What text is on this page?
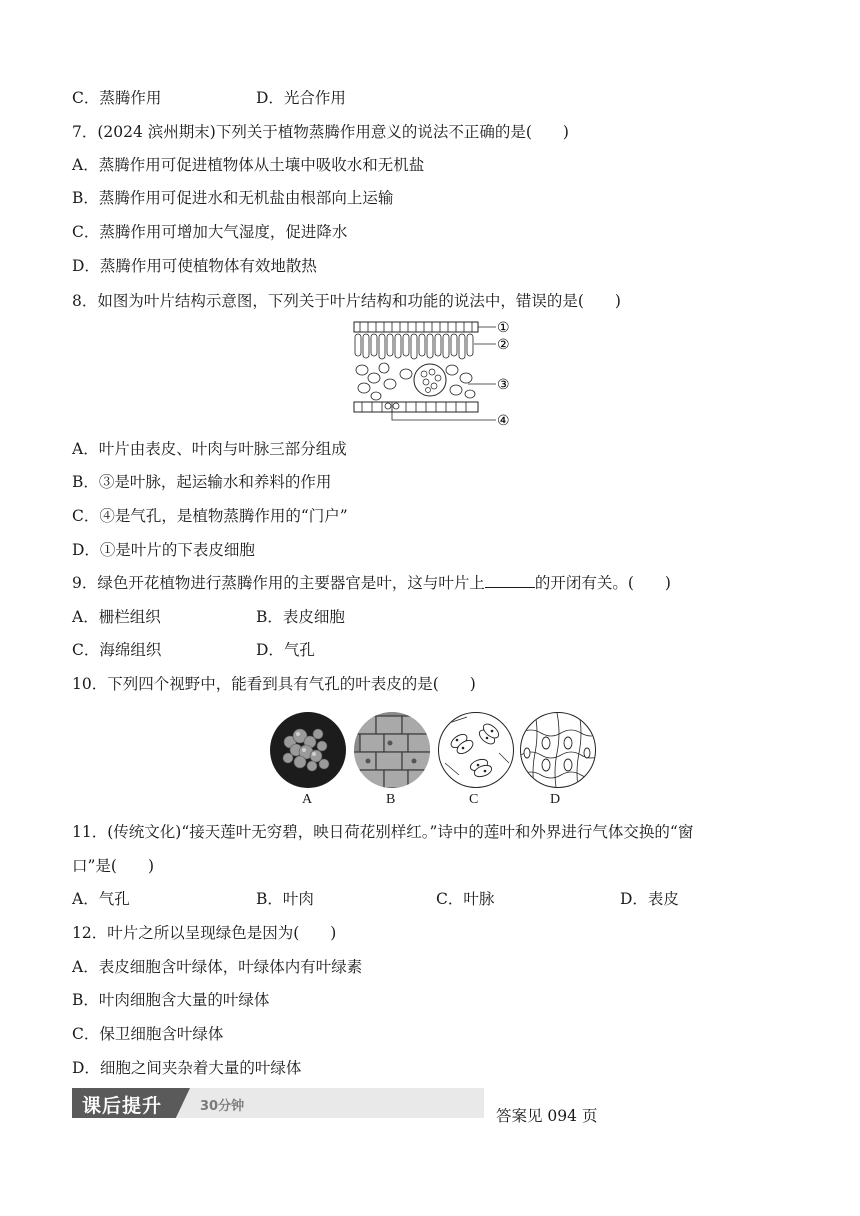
C．蒸腾作用	D．光合作用
7．(2024 滨州期末)下列关于植物蒸腾作用意义的说法不正确的是(　　)
A．蒸腾作用可促进植物体从土壤中吸收水和无机盐
B．蒸腾作用可促进水和无机盐由根部向上运输
C．蒸腾作用可增加大气湿度，促进降水
D．蒸腾作用可使植物体有效地散热
8．如图为叶片结构示意图，下列关于叶片结构和功能的说法中，错误的是(　　)
①
②
③
④
A．叶片由表皮、叶肉与叶脉三部分组成
B．③是叶脉，起运输水和养料的作用
C．④是气孔，是植物蒸腾作用的“门户”
D．①是叶片的下表皮细胞
9．绿色开花植物进行蒸腾作用的主要器官是叶，这与叶片上	的开闭有关。(　　)
A．栅栏组织	B．表皮细胞
C．海绵组织	D．气孔
10．下列四个视野中，能看到具有气孔的叶表皮的是(　　)
A	B	C	D
11．(传统文化)“接天莲叶无穷碧，映日荷花别样红。”诗中的莲叶和外界进行气体交换的“窗
口”是(　　)
A．气孔	B．叶肉	C．叶脉	D．表皮
12．叶片之所以呈现绿色是因为(　　)
A．表皮细胞含叶绿体，叶绿体内有叶绿素
B．叶肉细胞含大量的叶绿体
C．保卫细胞含叶绿体
D．细胞之间夹杂着大量的叶绿体
课后提升	30分钟
答案见 094 页
